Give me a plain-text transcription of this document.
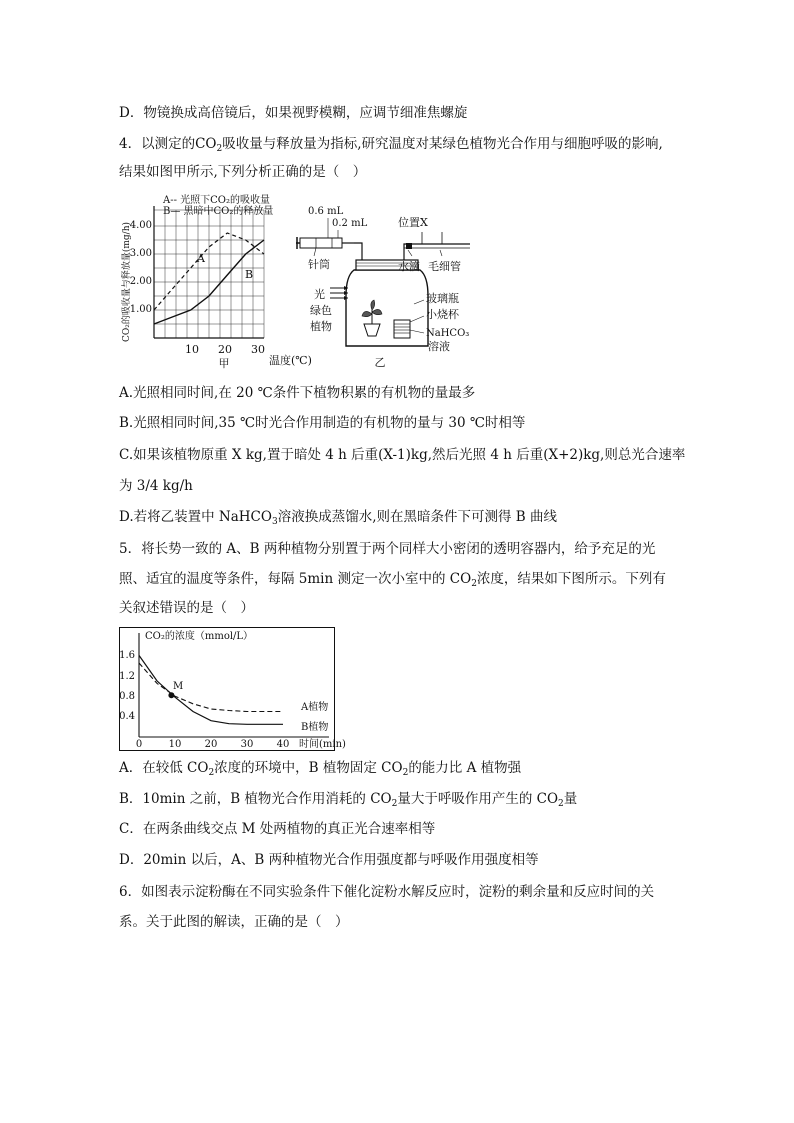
D．物镜换成高倍镜后，如果视野模糊，应调节细准焦螺旋
4．以测定的$CO_2$吸收量与释放量为指标,研究温度对某绿色植物光合作用与细胞呼吸的影响,
结果如图甲所示,下列分析正确的是（　）
CO₂的吸收量与释放量(mg/h)
A-- 光照下CO₂的吸收量
B— 黑暗中CO₂的释放量
4.00
3.00
2.00
1.00
10 20 30
甲
A
B
温度(℃)
0.6 mL
0.2 mL	位置X
针筒	水滴 毛细管
光
绿色
植物
玻璃瓶
小烧杯
NaHCO₃
溶液
乙
A.光照相同时间,在 20 ℃条件下植物积累的有机物的量最多
B.光照相同时间,35 ℃时光合作用制造的有机物的量与 30 ℃时相等
C.如果该植物原重 X kg,置于暗处 4 h 后重(X-1)kg,然后光照 4 h 后重(X+2)kg,则总光合速率
为 3/4 kg/h
D.若将乙装置中 NaHCO$_3$溶液换成蒸馏水,则在黑暗条件下可测得 B 曲线
5．将长势一致的 A、B 两种植物分别置于两个同样大小密闭的透明容器内，给予充足的光
照、适宜的温度等条件，每隔 5min 测定一次小室中的 $CO_2$浓度，结果如下图所示。下列有
关叙述错误的是（　）
CO₂的浓度（mmol/L）
1.6
1.2
0.8
0.4
0	10 20 30 40 时间(min)
M
A植物
B植物
A．在较低 $CO_2$浓度的环境中，B 植物固定 $CO_2$的能力比 A 植物强
B．10min 之前，B 植物光合作用消耗的 $CO_2$量大于呼吸作用产生的 $CO_2$量
C．在两条曲线交点 M 处两植物的真正光合速率相等
D．20min 以后，A、B 两种植物光合作用强度都与呼吸作用强度相等
6．如图表示淀粉酶在不同实验条件下催化淀粉水解反应时，淀粉的剩余量和反应时间的关
系。关于此图的解读，正确的是（　）
